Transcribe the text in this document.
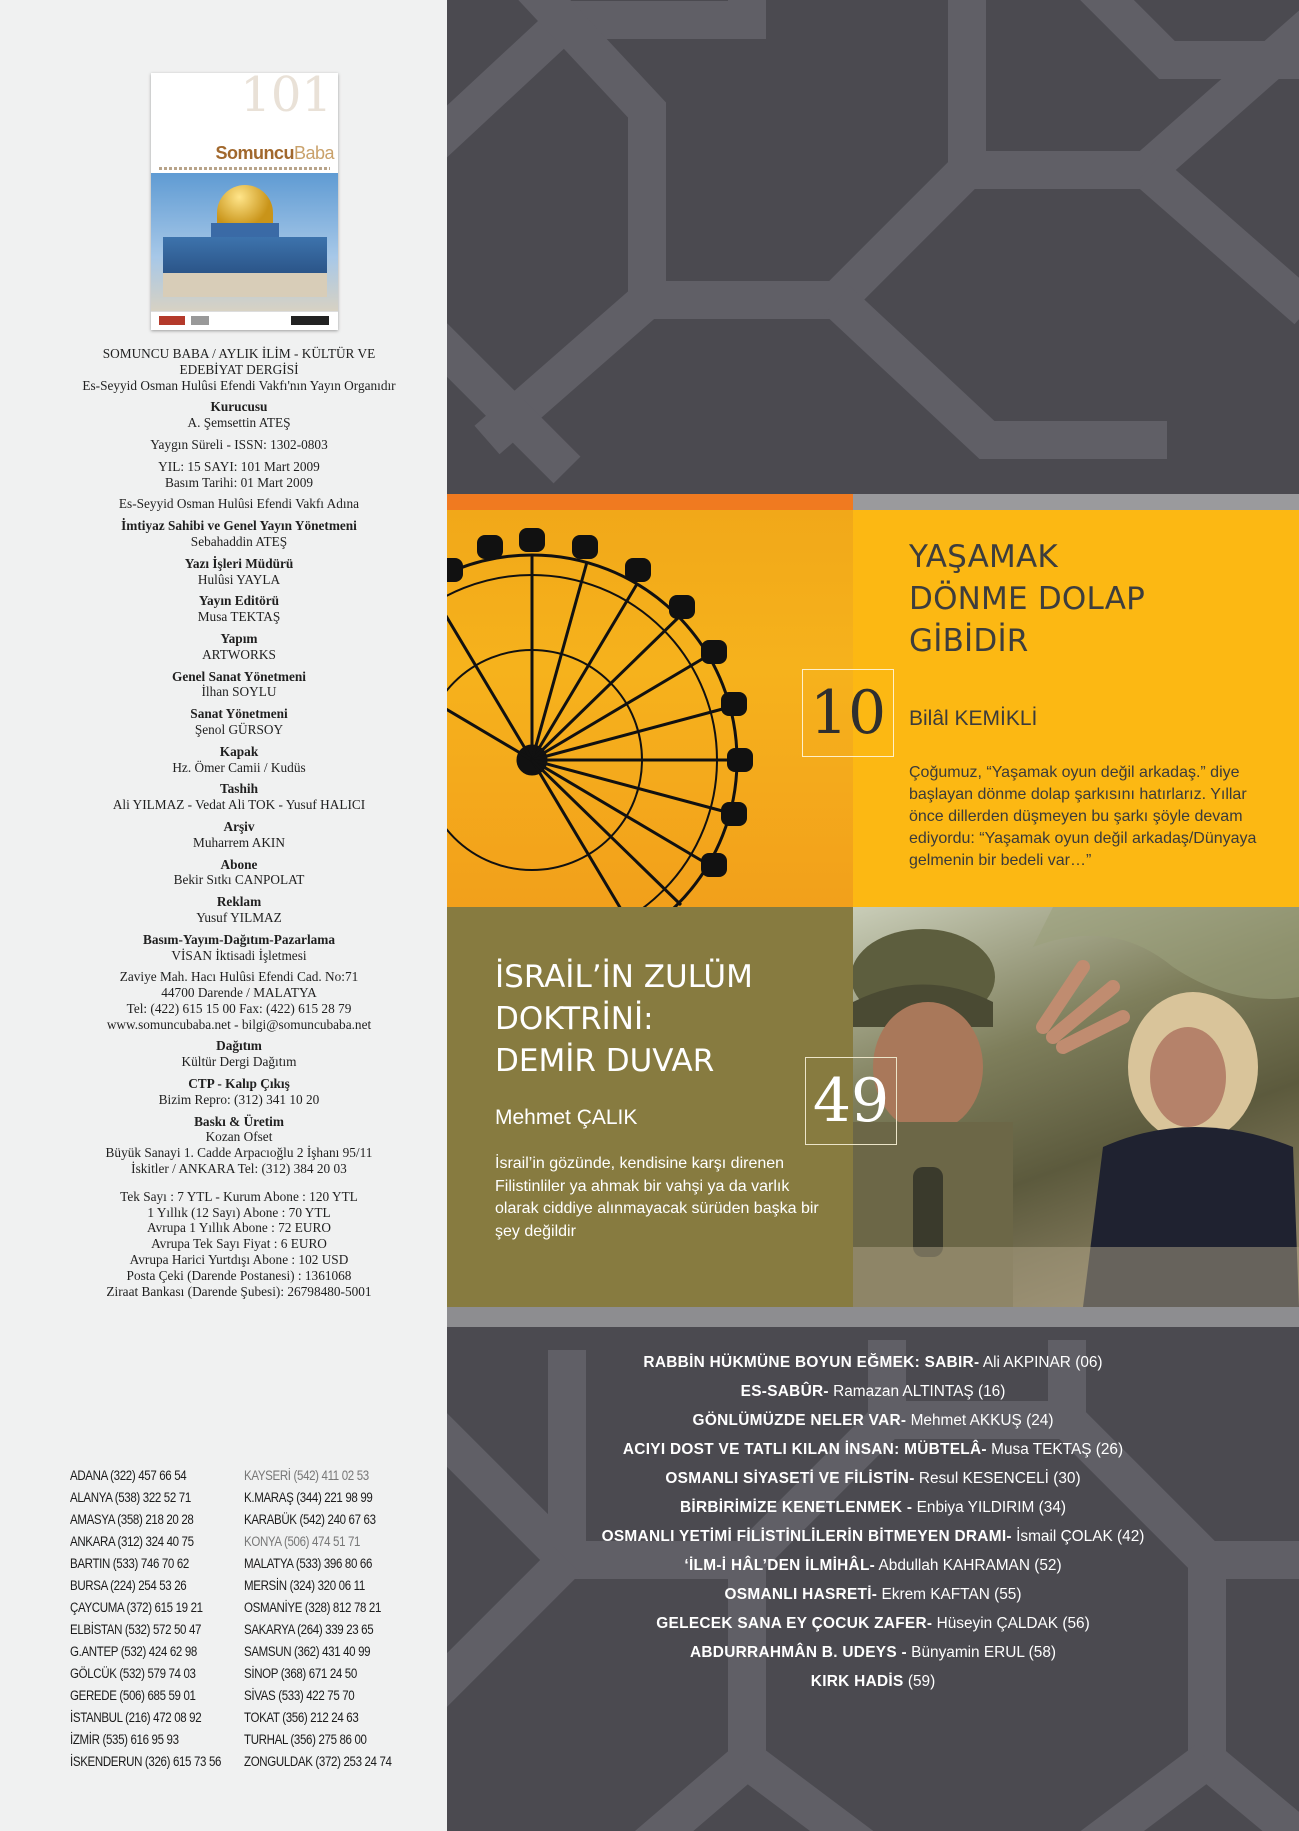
101
SomuncuBaba

SOMUNCU BABA / AYLIK İLİM - KÜLTÜR VE EDEBİYAT DERGİSİ
Es-Seyyid Osman Hulûsi Efendi Vakfı'nın Yayın Organıdır

Kurucusu
A. Şemsettin ATEŞ

Yaygın Süreli - ISSN: 1302-0803

YIL: 15 SAYI: 101 Mart 2009
Basım Tarihi: 01 Mart 2009

Es-Seyyid Osman Hulûsi Efendi Vakfı Adına

İmtiyaz Sahibi ve Genel Yayın Yönetmeni
Sebahaddin ATEŞ

Yazı İşleri Müdürü
Hulûsi YAYLA

Yayın Editörü
Musa TEKTAŞ

Yapım
ARTWORKS

Genel Sanat Yönetmeni
İlhan SOYLU

Sanat Yönetmeni
Şenol GÜRSOY

Kapak
Hz. Ömer Camii / Kudüs

Tashih
Ali YILMAZ - Vedat Ali TOK - Yusuf HALICI

Arşiv
Muharrem AKIN

Abone
Bekir Sıtkı CANPOLAT

Reklam
Yusuf YILMAZ

Basım-Yayım-Dağıtım-Pazarlama
VİSAN İktisadi İşletmesi

Zaviye Mah. Hacı Hulûsi Efendi Cad. No:71
44700 Darende / MALATYA
Tel: (422) 615 15 00 Fax: (422) 615 28 79
www.somuncubaba.net - bilgi@somuncubaba.net

Dağıtım
Kültür Dergi Dağıtım

CTP - Kalıp Çıkış
Bizim Repro: (312) 341 10 20

Baskı & Üretim
Kozan Ofset
Büyük Sanayi 1. Cadde Arpacıoğlu 2 İşhanı 95/11
İskitler / ANKARA Tel: (312) 384 20 03

Tek Sayı : 7 YTL - Kurum Abone : 120 YTL
1 Yıllık (12 Sayı) Abone : 70 YTL
Avrupa 1 Yıllık Abone : 72 EURO
Avrupa Tek Sayı Fiyat : 6 EURO
Avrupa Harici Yurtdışı Abone : 102 USD
Posta Çeki (Darende Postanesi) : 1361068
Ziraat Bankası (Darende Şubesi): 26798480-5001

ADANA (322) 457 66 54
ALANYA (538) 322 52 71
AMASYA (358) 218 20 28
ANKARA (312) 324 40 75
BARTIN (533) 746 70 62
BURSA (224) 254 53 26
ÇAYCUMA (372) 615 19 21
ELBİSTAN (532) 572 50 47
G.ANTEP (532) 424 62 98
GÖLCÜK (532) 579 74 03
GEREDE (506) 685 59 01
İSTANBUL (216) 472 08 92
İZMİR (535) 616 95 93
İSKENDERUN (326) 615 73 56
KAYSERİ (542) 411 02 53
K.MARAŞ (344) 221 98 99
KARABÜK (542) 240 67 63
KONYA (506) 474 51 71
MALATYA (533) 396 80 66
MERSİN (324) 320 06 11
OSMANİYE (328) 812 78 21
SAKARYA (264) 339 23 65
SAMSUN (362) 431 40 99
SİNOP (368) 671 24 50
SİVAS (533) 422 75 70
TOKAT (356) 212 24 63
TURHAL (356) 275 86 00
ZONGULDAK (372) 253 24 74
YAŞAMAK
DÖNME DOLAP
GİBİDİR
10	Bilâl KEMİKLİ
Çoğumuz, “Yaşamak oyun değil arkadaş.” diye başlayan dönme dolap şarkısını hatırlarız. Yıllar önce dillerden düşmeyen bu şarkı şöyle devam ediyordu: “Yaşamak oyun değil arkadaş/Dünyaya gelmenin bir bedeli var…”
İSRAİL’İN ZULÜM
DOKTRİNİ:
DEMİR DUVAR
49
Mehmet ÇALIK
İsrail’in gözünde, kendisine karşı direnen Filistinliler ya ahmak bir vahşi ya da varlık olarak ciddiye alınmayacak sürüden başka bir şey değildir
RABBİN HÜKMÜNE BOYUN EĞMEK: SABIR- Ali AKPINAR (06)
ES-SABÛR- Ramazan ALTINTAŞ (16)
GÖNLÜMÜZDE NELER VAR- Mehmet AKKUŞ (24)
ACIYI DOST VE TATLI KILAN İNSAN: MÜBTELÂ- Musa TEKTAŞ (26)
OSMANLI SİYASETİ VE FİLİSTİN- Resul KESENCELİ (30)
BİRBİRİMİZE KENETLENMEK - Enbiya YILDIRIM (34)
OSMANLI YETİMİ FİLİSTİNLİLERİN BİTMEYEN DRAMI- İsmail ÇOLAK (42)
‘İLM-İ HÂL’DEN İLMİHÂL- Abdullah KAHRAMAN (52)
OSMANLI HASRETİ- Ekrem KAFTAN (55)
GELECEK SANA EY ÇOCUK ZAFER- Hüseyin ÇALDAK (56)
ABDURRAHMÂN B. UDEYS - Bünyamin ERUL (58)
KIRK HADİS (59)
